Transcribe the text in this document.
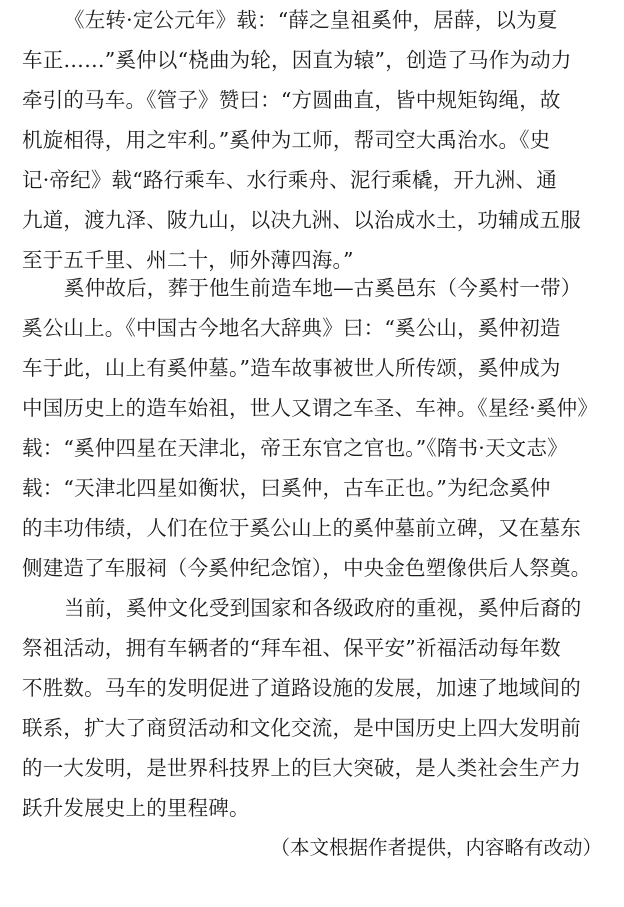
《左转·定公元年》载：“薛之皇祖奚仲，居薛，以为夏
车正……”奚仲以“桡曲为轮，因直为辕”，创造了马作为动力
牵引的马车。《管子》赞曰：“方圆曲直，皆中规矩钩绳，故
机旋相得，用之牢利。”奚仲为工师，帮司空大禹治水。《史
记·帝纪》载“路行乘车、水行乘舟、泥行乘橇，开九洲、通
九道，渡九泽、陂九山，以决九洲、以治成水土，功辅成五服
至于五千里、州二十，师外薄四海。”
奚仲故后，葬于他生前造车地—古奚邑东（今奚村一带）
奚公山上。《中国古今地名大辞典》曰：“奚公山，奚仲初造
车于此，山上有奚仲墓。”造车故事被世人所传颂，奚仲成为
中国历史上的造车始祖，世人又谓之车圣、车神。《星经·奚仲》
载：“奚仲四星在天津北，帝王东官之官也。”《隋书·天文志》
载：“天津北四星如衡状，曰奚仲，古车正也。”为纪念奚仲
的丰功伟绩，人们在位于奚公山上的奚仲墓前立碑，又在墓东
侧建造了车服祠（今奚仲纪念馆），中央金色塑像供后人祭奠。
当前，奚仲文化受到国家和各级政府的重视，奚仲后裔的
祭祖活动，拥有车辆者的“拜车祖、保平安”祈福活动每年数
不胜数。马车的发明促进了道路设施的发展，加速了地域间的
联系，扩大了商贸活动和文化交流，是中国历史上四大发明前
的一大发明，是世界科技界上的巨大突破，是人类社会生产力
跃升发展史上的里程碑。
（本文根据作者提供，内容略有改动）
